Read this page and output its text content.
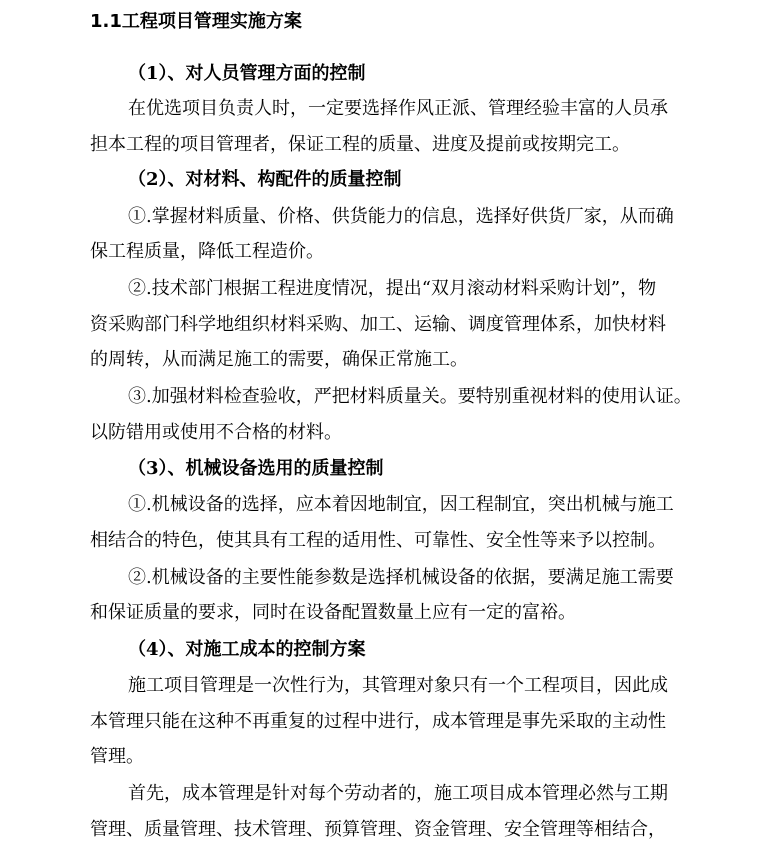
1.1工程项目管理实施方案
（1）、对人员管理方面的控制
在优选项目负责人时，一定要选择作风正派、管理经验丰富的人员承
担本工程的项目管理者，保证工程的质量、进度及提前或按期完工。
（2）、对材料、构配件的质量控制
①.掌握材料质量、价格、供货能力的信息，选择好供货厂家，从而确
保工程质量，降低工程造价。
②.技术部门根据工程进度情况，提出“双月滚动材料采购计划”，物
资采购部门科学地组织材料采购、加工、运输、调度管理体系，加快材料
的周转，从而满足施工的需要，确保正常施工。
③.加强材料检查验收，严把材料质量关。要特别重视材料的使用认证。
以防错用或使用不合格的材料。
（3）、机械设备选用的质量控制
①.机械设备的选择，应本着因地制宜，因工程制宜，突出机械与施工
相结合的特色，使其具有工程的适用性、可靠性、安全性等来予以控制。
②.机械设备的主要性能参数是选择机械设备的依据，要满足施工需要
和保证质量的要求，同时在设备配置数量上应有一定的富裕。
（4）、对施工成本的控制方案
施工项目管理是一次性行为，其管理对象只有一个工程项目，因此成
本管理只能在这种不再重复的过程中进行，成本管理是事先采取的主动性
管理。
首先，成本管理是针对每个劳动者的，施工项目成本管理必然与工期
管理、质量管理、技术管理、预算管理、资金管理、安全管理等相结合，
